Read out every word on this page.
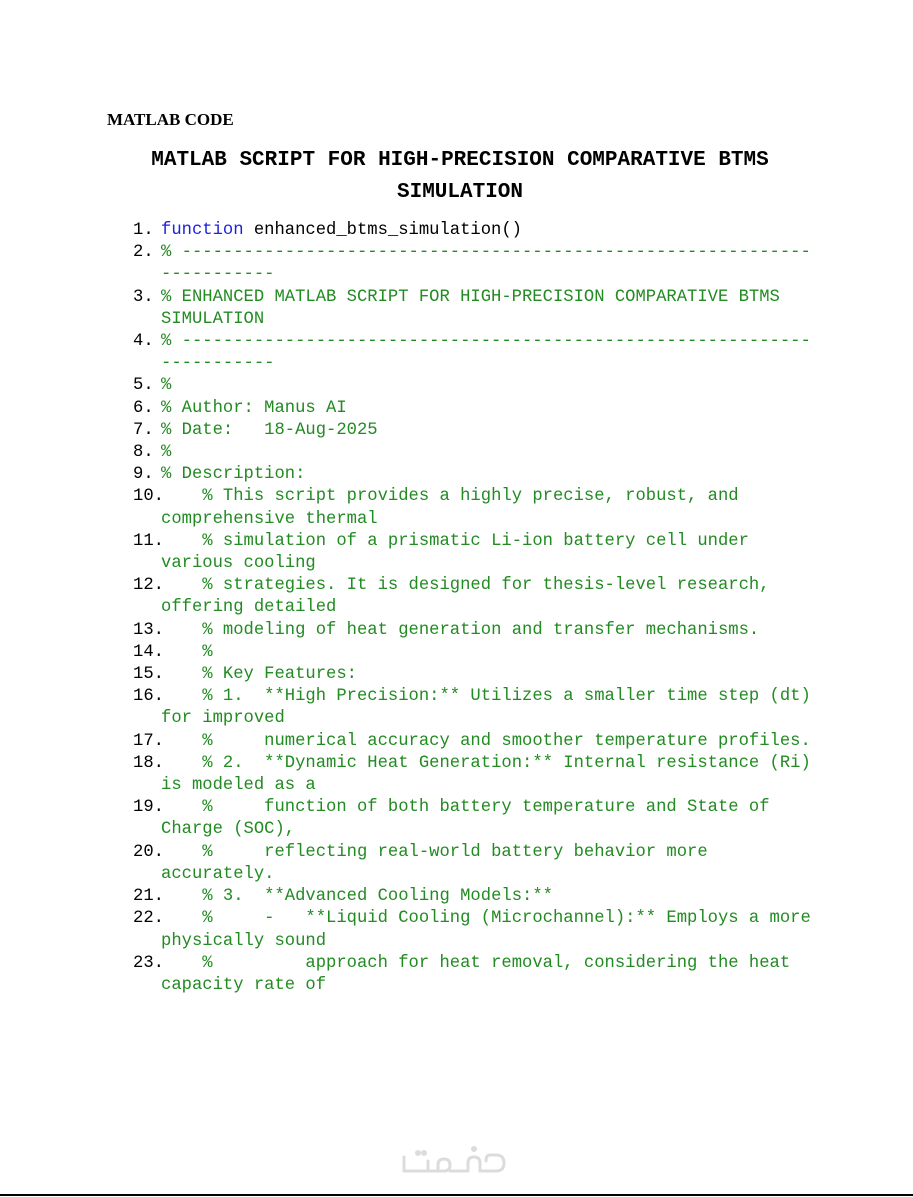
MATLAB CODE
MATLAB SCRIPT FOR HIGH-PRECISION COMPARATIVE BTMS SIMULATION
1. function enhanced_btms_simulation()
2. % ------------------------------------------------------------------------
3. % ENHANCED MATLAB SCRIPT FOR HIGH-PRECISION COMPARATIVE BTMS SIMULATION
4. % ------------------------------------------------------------------------
5. %
6. % Author: Manus AI
7. % Date:   18-Aug-2025
8. %
9. % Description:
10.
% This script provides a highly precise, robust, and comprehensive thermal
11.
% simulation of a prismatic Li-ion battery cell under various cooling
12.
% strategies. It is designed for thesis-level research, offering detailed
13.
% modeling of heat generation and transfer mechanisms.
14.
%
15.
% Key Features:
16.
% 1.  **High Precision:** Utilizes a smaller time step (dt) for improved
17.
%     numerical accuracy and smoother temperature profiles.
18.
% 2.  **Dynamic Heat Generation:** Internal resistance (Ri) is modeled as a
19.
%     function of both battery temperature and State of Charge (SOC),
20.
%     reflecting real-world battery behavior more accurately.
21.
% 3.  **Advanced Cooling Models:**
22.
%     -   **Liquid Cooling (Microchannel):** Employs a more physically sound
23.
%         approach for heat removal, considering the heat capacity rate of
